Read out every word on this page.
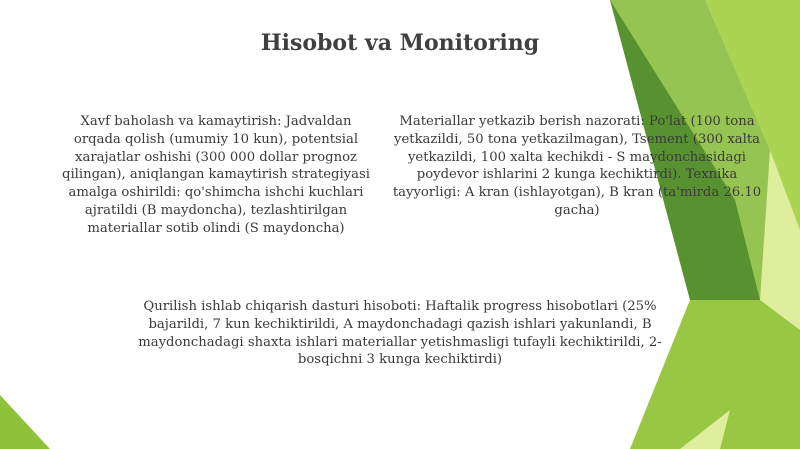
Hisobot va Monitoring

Xavf baholash va kamaytirish: Jadvaldan orqada qolish (umumiy 10 kun), potentsial xarajatlar oshishi (300 000 dollar prognoz qilingan), aniqlangan kamaytirish strategiyasi amalga oshirildi: qo'shimcha ishchi kuchlari ajratildi (B maydoncha), tezlashtirilgan materiallar sotib olindi (S maydoncha)

Materiallar yetkazib berish nazorati: Po'lat (100 tona yetkazildi, 50 tona yetkazilmagan), Tsement (300 xalta yetkazildi, 100 xalta kechikdi - S maydonchasidagi poydevor ishlarini 2 kunga kechiktirdi). Texnika tayyorligi: A kran (ishlayotgan), B kran (ta'mirda 26.10 gacha)

Qurilish ishlab chiqarish dasturi hisoboti: Haftalik progress hisobotlari (25% bajarildi, 7 kun kechiktirildi, A maydonchadagi qazish ishlari yakunlandi, B maydonchadagi shaxta ishlari materiallar yetishmasligi tufayli kechiktirildi, 2-bosqichni 3 kunga kechiktirdi)
